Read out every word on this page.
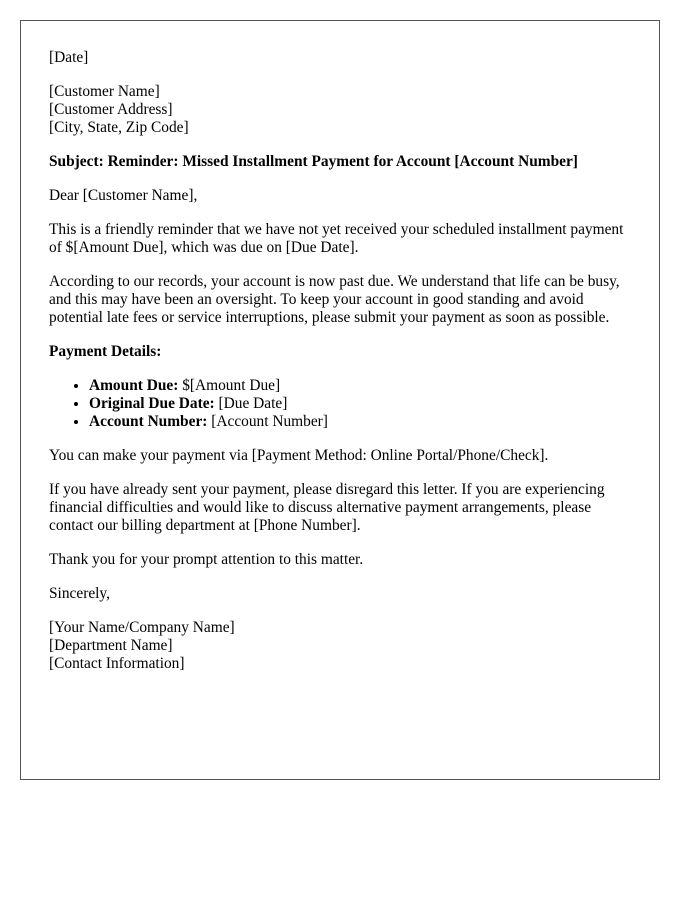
[Date]

[Customer Name]
[Customer Address]
[City, State, Zip Code]

Subject: Reminder: Missed Installment Payment for Account [Account Number]

Dear [Customer Name],

This is a friendly reminder that we have not yet received your scheduled installment payment of $[Amount Due], which was due on [Due Date].

According to our records, your account is now past due. We understand that life can be busy, and this may have been an oversight. To keep your account in good standing and avoid potential late fees or service interruptions, please submit your payment as soon as possible.

Payment Details:

• Amount Due: $[Amount Due]
• Original Due Date: [Due Date]
• Account Number: [Account Number]

You can make your payment via [Payment Method: Online Portal/Phone/Check].

If you have already sent your payment, please disregard this letter. If you are experiencing financial difficulties and would like to discuss alternative payment arrangements, please contact our billing department at [Phone Number].

Thank you for your prompt attention to this matter.

Sincerely,

[Your Name/Company Name]
[Department Name]
[Contact Information]
